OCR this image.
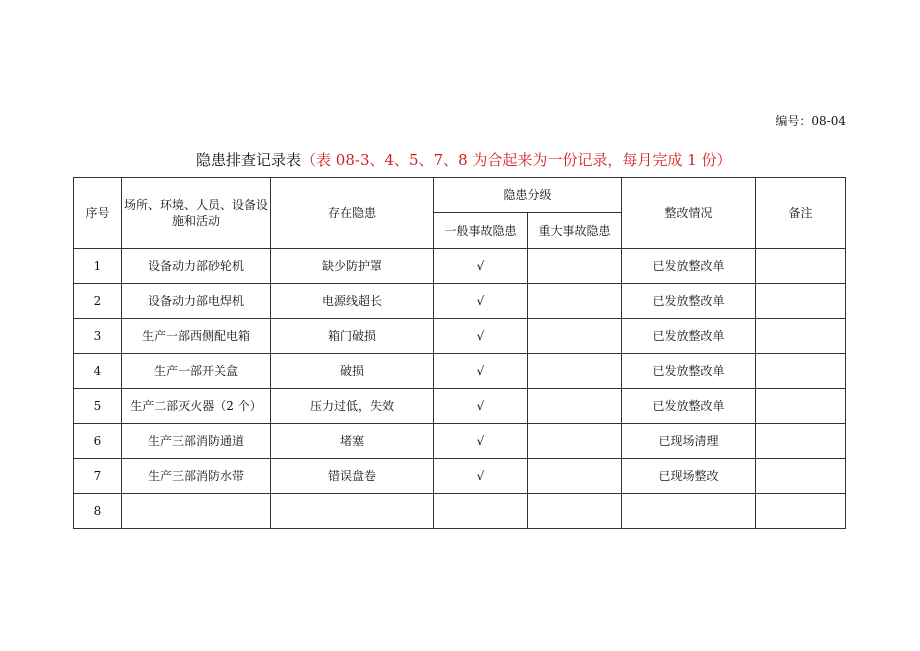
编号：08-04
隐患排查记录表（表 08-3、4、5、7、8 为合起来为一份记录，每月完成 1 份）
序号	场所、环境、人员、设备设施和活动	存在隐患	隐患分级		整改情况	备注
			一般事故隐患	重大事故隐患		
1	设备动力部砂轮机	缺少防护罩	√		已发放整改单	
2	设备动力部电焊机	电源线超长	√		已发放整改单	
3	生产一部西侧配电箱	箱门破损	√		已发放整改单	
4	生产一部开关盒	破损	√		已发放整改单	
5	生产二部灭火器（2 个）	压力过低，失效	√		已发放整改单	
6	生产三部消防通道	堵塞	√		已现场清理	
7	生产三部消防水带	错误盘卷	√		已现场整改	
8						
